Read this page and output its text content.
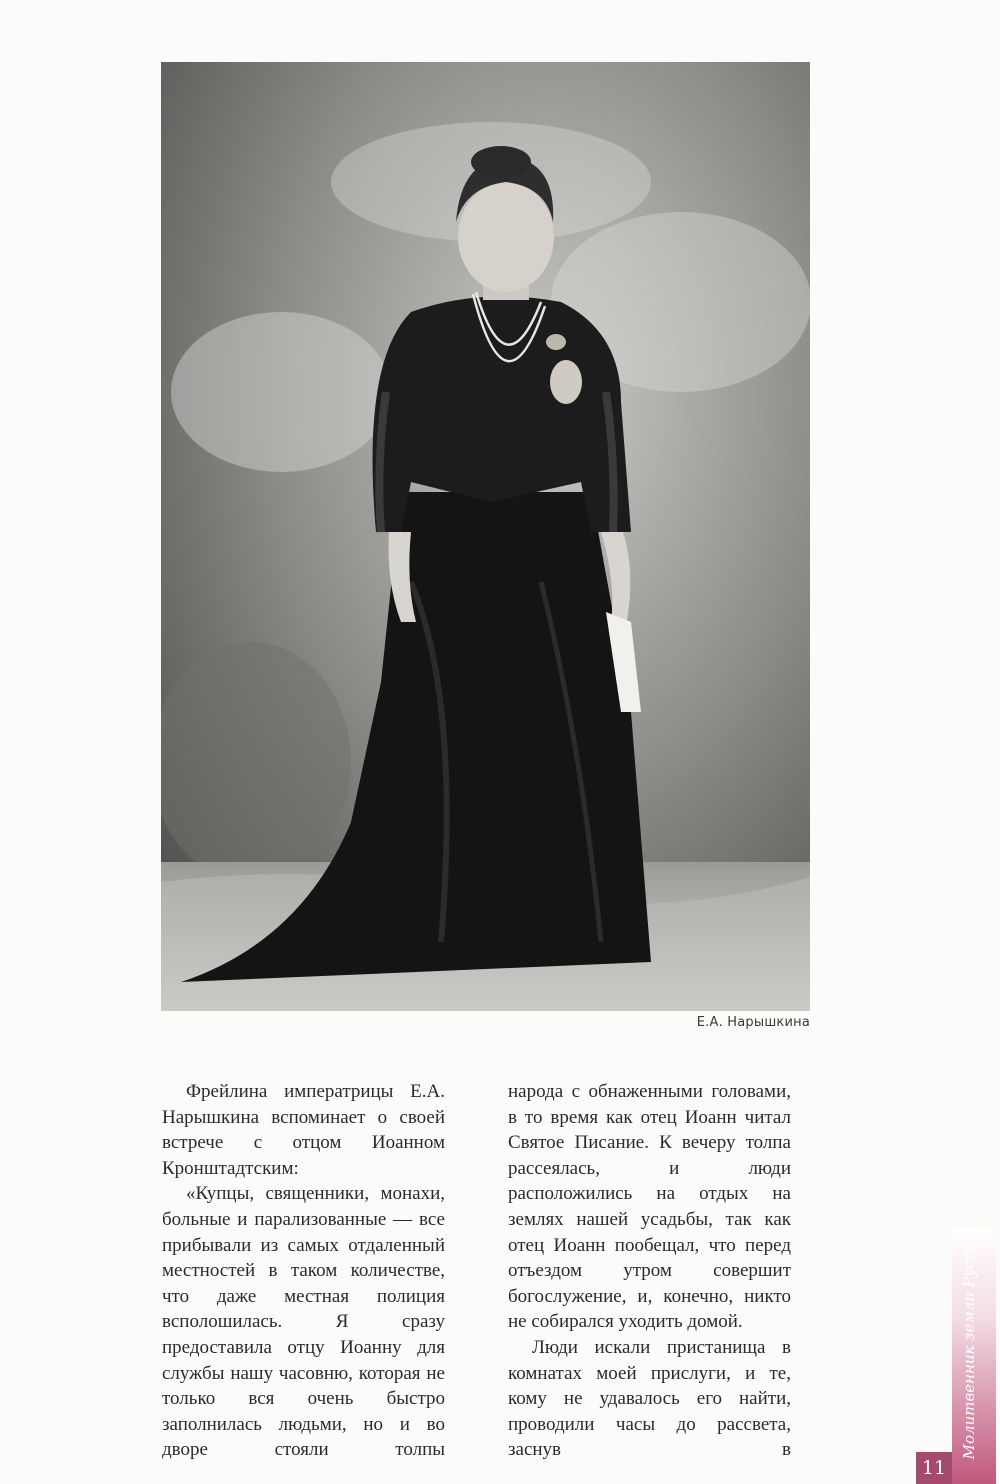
Е.А. Нарышкина

Фрейлина императрицы Е.А. Нарышкина вспоминает о своей встрече с отцом Иоанном Кронштадтским:

«Купцы, священники, монахи, больные и парализованные — все прибывали из самых отдаленный местностей в таком количестве, что даже местная полиция всполошилась. Я сразу предоставила отцу Иоанну для службы нашу часовню, которая не только вся очень быстро заполнилась людьми, но и во дворе стояли толпы

народа с обнаженными головами, в то время как отец Иоанн читал Святое Писание. К вечеру толпа рассеялась, и люди расположились на отдых на землях нашей усадьбы, так как отец Иоанн пообещал, что перед отъездом утром совершит богослужение, и, конечно, никто не собирался уходить домой.

Люди искали пристанища в комнатах моей прислуги, и те, кому не удавалось его найти, проводили часы до рассвета, заснув в	Молитвенник земли Русской
11
